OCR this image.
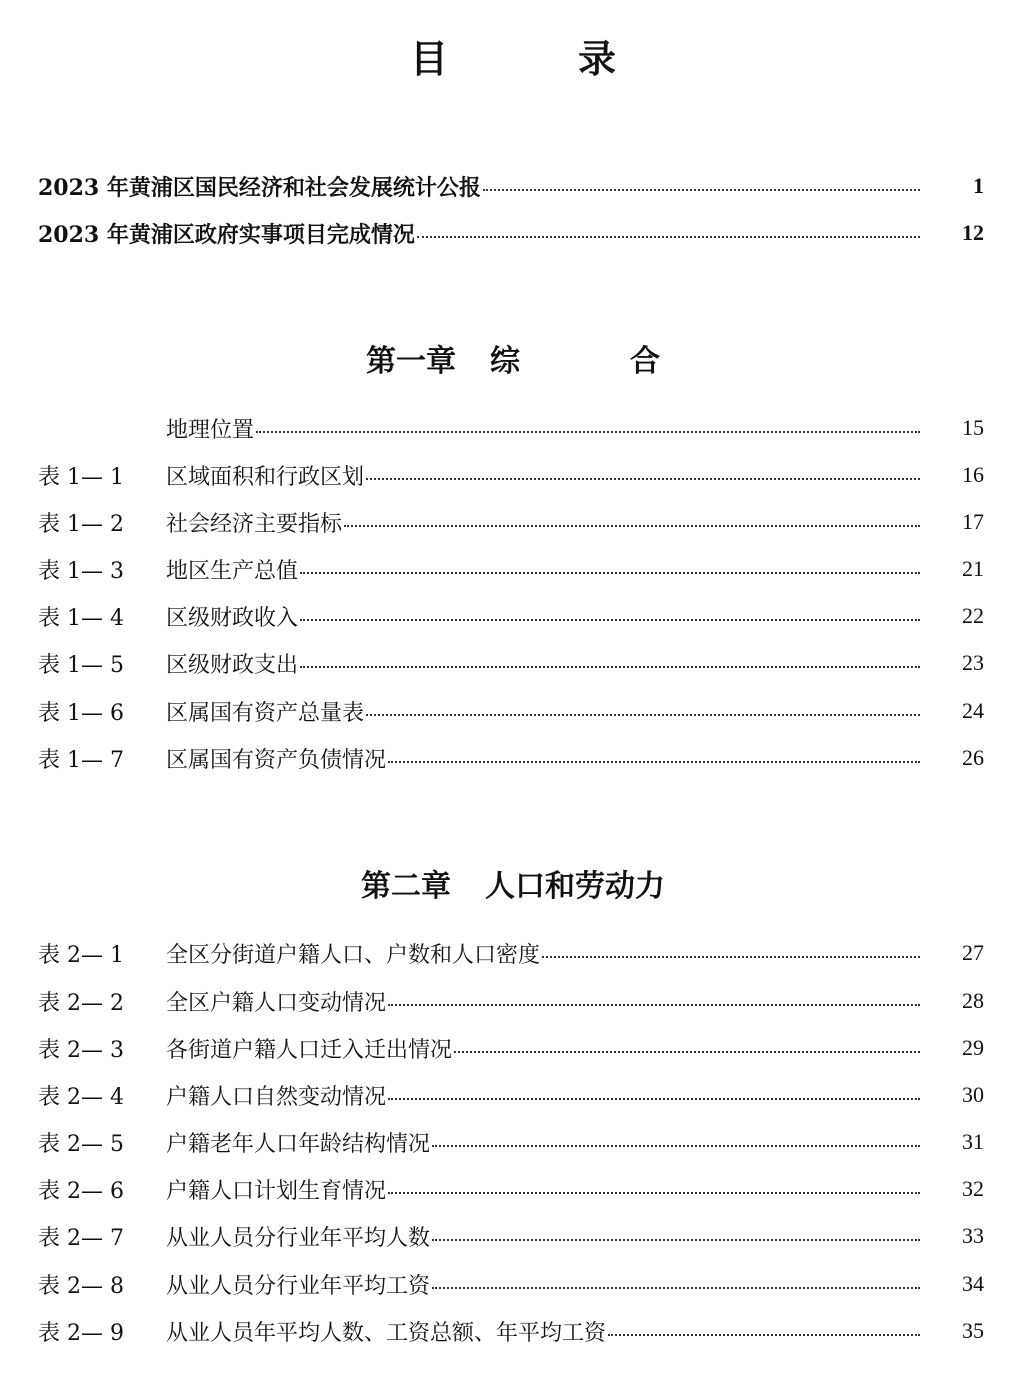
目	录
2023 年黄浦区国民经济和社会发展统计公报	1
2023 年黄浦区政府实事项目完成情况	12
第一章 综	合
地理位置	15
表 1— 1	区域面积和行政区划	16
表 1— 2	社会经济主要指标	17
表 1— 3	地区生产总值	21
表 1— 4	区级财政收入	22
表 1— 5	区级财政支出	23
表 1— 6	区属国有资产总量表	24
表 1— 7	区属国有资产负债情况	26
第二章 人口和劳动力
表 2— 1	全区分街道户籍人口、户数和人口密度	27
表 2— 2	全区户籍人口变动情况	28
表 2— 3	各街道户籍人口迁入迁出情况	29
表 2— 4	户籍人口自然变动情况	30
表 2— 5	户籍老年人口年龄结构情况	31
表 2— 6	户籍人口计划生育情况	32
表 2— 7	从业人员分行业年平均人数	33
表 2— 8	从业人员分行业年平均工资	34
表 2— 9	从业人员年平均人数、工资总额、年平均工资	35
